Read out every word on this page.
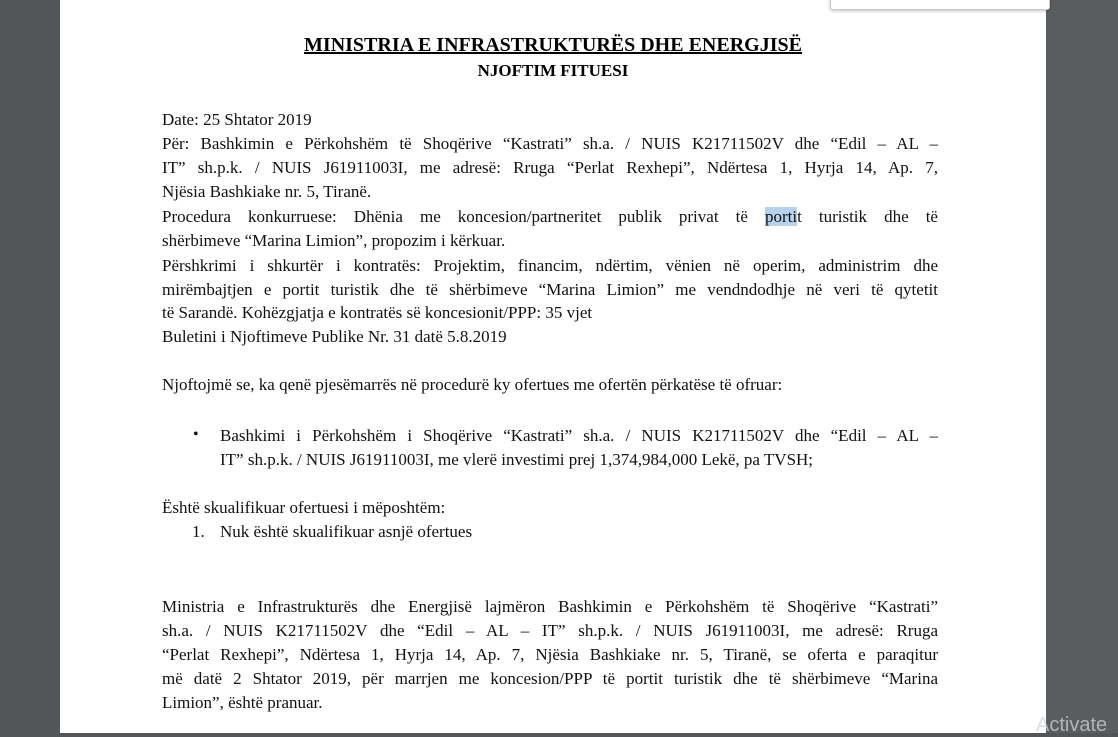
MINISTRIA E INFRASTRUKTURËS DHE ENERGJISË
NJOFTIM FITUESI
Date: 25 Shtator 2019
Për: Bashkimin e Përkohshëm të Shoqërive “Kastrati” sh.a. / NUIS K21711502V dhe “Edil – AL –
IT” sh.p.k. / NUIS J61911003I, me adresë: Rruga “Perlat Rexhepi”, Ndërtesa 1, Hyrja 14, Ap. 7,
Njësia Bashkiake nr. 5, Tiranë.
Procedura konkurruese: Dhënia me koncesion/partneritet publik privat të portit turistik dhe të
shërbimeve “Marina Limion”, propozim i kërkuar.
Përshkrimi i shkurtër i kontratës: Projektim, financim, ndërtim, vënien në operim, administrim dhe
mirëmbajtjen e portit turistik dhe të shërbimeve “Marina Limion” me vendndodhje në veri të qytetit
të Sarandë. Kohëzgjatja e kontratës së koncesionit/PPP: 35 vjet
Buletini i Njoftimeve Publike Nr. 31 datë 5.8.2019
Njoftojmë se, ka qenë pjesëmarrës në procedurë ky ofertues me ofertën përkatëse të ofruar:
• Bashkimi i Përkohshëm i Shoqërive “Kastrati” sh.a. / NUIS K21711502V dhe “Edil – AL –
IT” sh.p.k. / NUIS J61911003I, me vlerë investimi prej 1,374,984,000 Lekë, pa TVSH;
Është skualifikuar ofertuesi i mëposhtëm:
1. Nuk është skualifikuar asnjë ofertues
Ministria e Infrastrukturës dhe Energjisë lajmëron Bashkimin e Përkohshëm të Shoqërive “Kastrati”
sh.a. / NUIS K21711502V dhe “Edil – AL – IT” sh.p.k. / NUIS J61911003I, me adresë: Rruga
“Perlat Rexhepi”, Ndërtesa 1, Hyrja 14, Ap. 7, Njësia Bashkiake nr. 5, Tiranë, se oferta e paraqitur
më datë 2 Shtator 2019, për marrjen me koncesion/PPP të portit turistik dhe të shërbimeve “Marina
Limion”, është pranuar.
Activate
